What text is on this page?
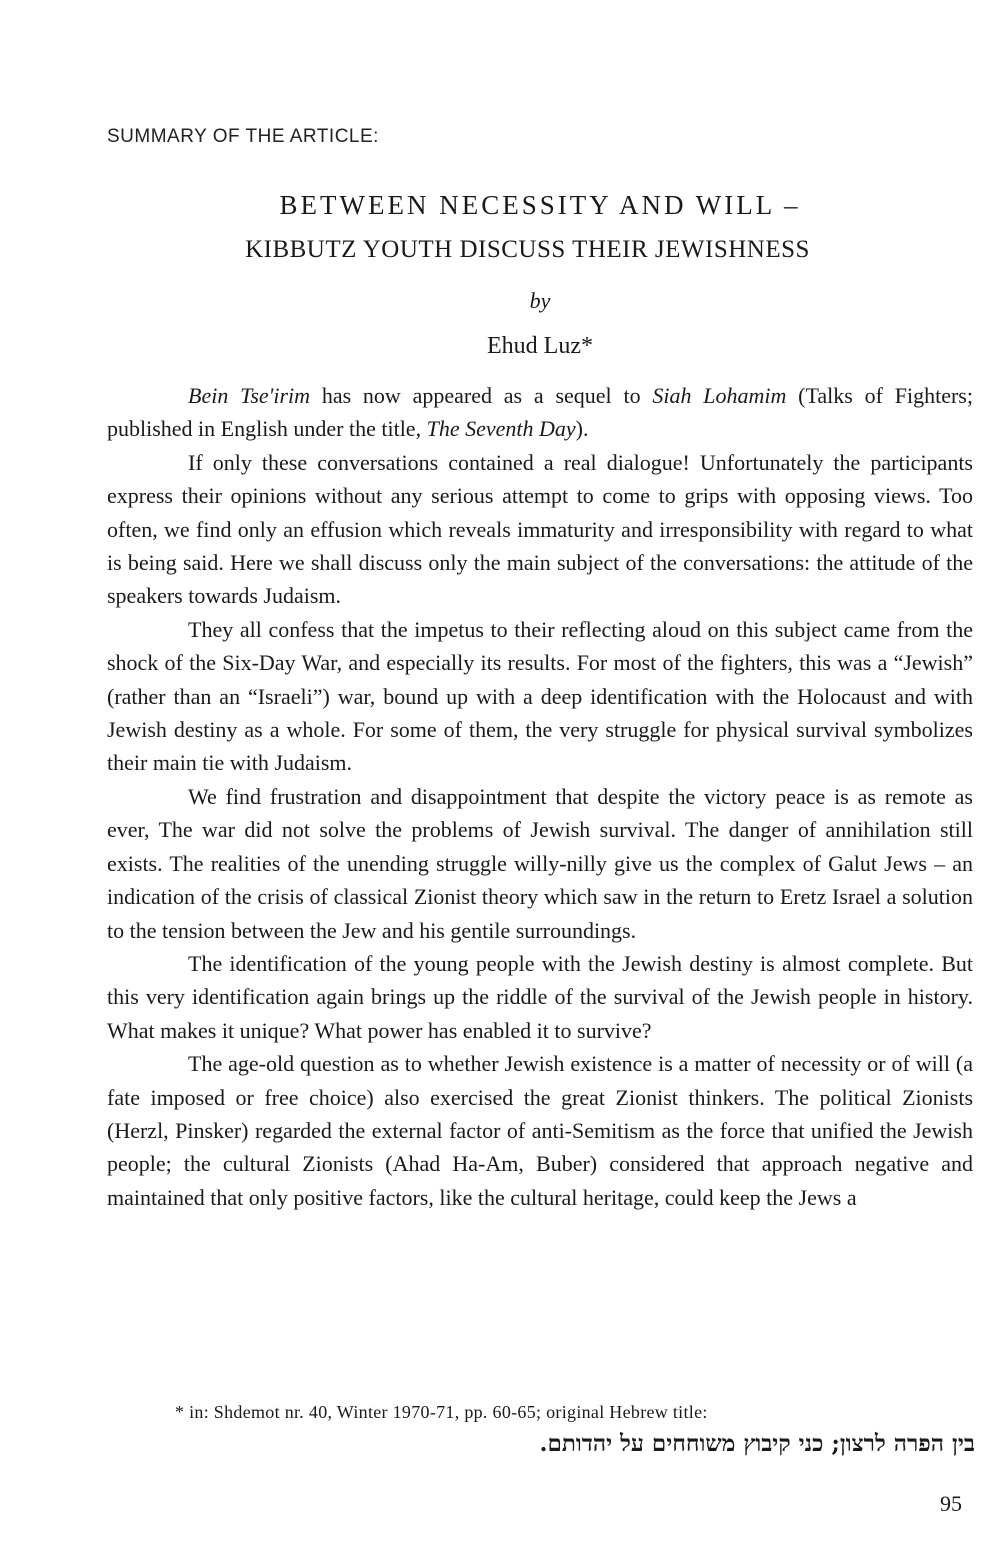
SUMMARY OF THE ARTICLE:
BETWEEN NECESSITY AND WILL –
KIBBUTZ YOUTH DISCUSS THEIR JEWISHNESS
by
Ehud Luz*

Bein Tse'irim has now appeared as a sequel to Siah Lohamim (Talks of Fighters; published in English under the title, The Seventh Day).

If only these conversations contained a real dialogue! Unfortunately the participants express their opinions without any serious attempt to come to grips with opposing views. Too often, we find only an effusion which reveals immaturity and irresponsibility with regard to what is being said. Here we shall discuss only the main subject of the conversations: the attitude of the speakers towards Judaism.

They all confess that the impetus to their reflecting aloud on this subject came from the shock of the Six-Day War, and especially its results. For most of the fighters, this was a “Jewish” (rather than an “Israeli”) war, bound up with a deep identification with the Holocaust and with Jewish destiny as a whole. For some of them, the very struggle for physical survival symbolizes their main tie with Judaism.

We find frustration and disappointment that despite the victory peace is as remote as ever, The war did not solve the problems of Jewish survival. The danger of annihilation still exists. The realities of the unending struggle willy-nilly give us the complex of Galut Jews – an indication of the crisis of classical Zionist theory which saw in the return to Eretz Israel a solution to the tension between the Jew and his gentile surroundings.

The identification of the young people with the Jewish destiny is almost complete. But this very identification again brings up the riddle of the survival of the Jewish people in history. What makes it unique? What power has enabled it to survive?

The age-old question as to whether Jewish existence is a matter of necessity or of will (a fate imposed or free choice) also exercised the great Zionist thinkers. The political Zionists (Herzl, Pinsker) regarded the external factor of anti-Semitism as the force that unified the Jewish people; the cultural Zionists (Ahad Ha-Am, Buber) considered that approach negative and maintained that only positive factors, like the cultural heritage, could keep the Jews a

* in: Shdemot nr. 40, Winter 1970-71, pp. 60-65; original Hebrew title:
בין הפרה לרצון; כני קיבוץ משוחחים על יהדותם.
95
